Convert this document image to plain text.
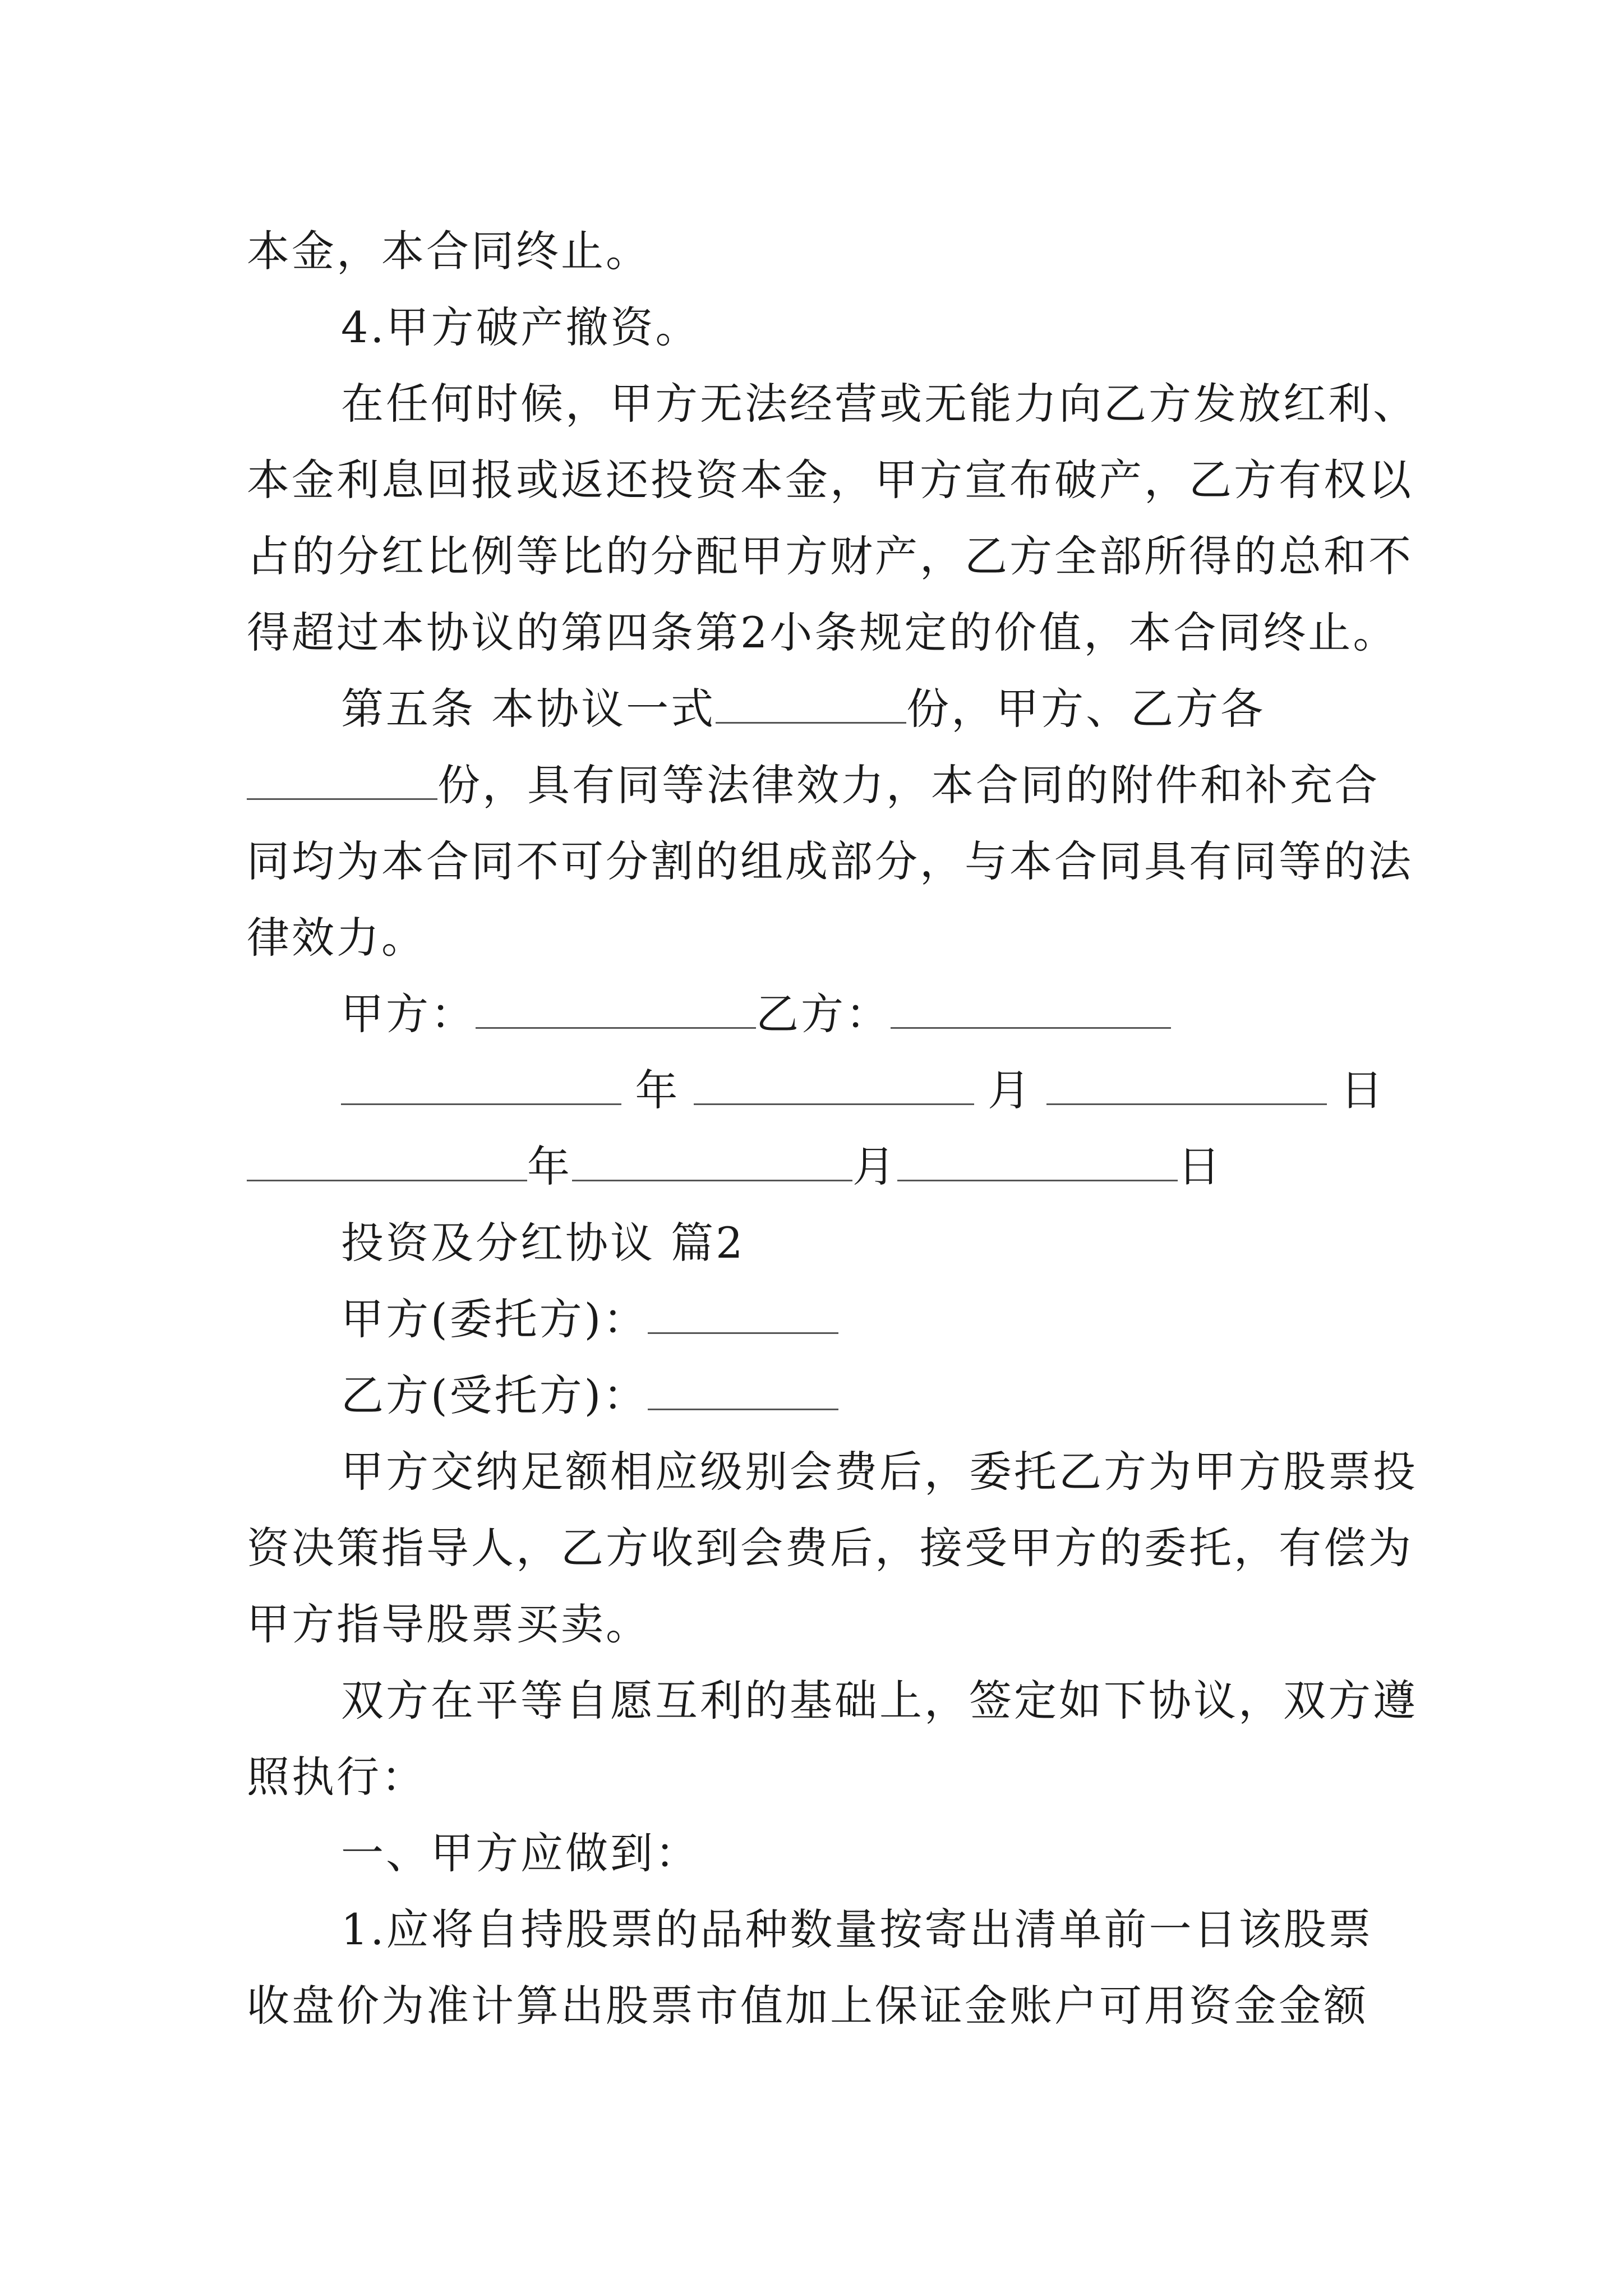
本金，本合同终止。
4.甲方破产撤资。
在任何时候，甲方无法经营或无能力向乙方发放红利、
本金利息回报或返还投资本金，甲方宣布破产，乙方有权以
占的分红比例等比的分配甲方财产，乙方全部所得的总和不
得超过本协议的第四条第2小条规定的价值，本合同终止。
第五条 本协议一式	份，甲方、乙方各
份，具有同等法律效力，本合同的附件和补充合
同均为本合同不可分割的组成部分，与本合同具有同等的法
律效力。
甲方：	乙方：
年	月	日
年	月	日
投资及分红协议 篇2
甲方(委托方)：
乙方(受托方)：
甲方交纳足额相应级别会费后，委托乙方为甲方股票投
资决策指导人，乙方收到会费后，接受甲方的委托，有偿为
甲方指导股票买卖。
双方在平等自愿互利的基础上，签定如下协议，双方遵
照执行：
一、甲方应做到：
1.应将自持股票的品种数量按寄出清单前一日该股票
收盘价为准计算出股票市值加上保证金账户可用资金金额
